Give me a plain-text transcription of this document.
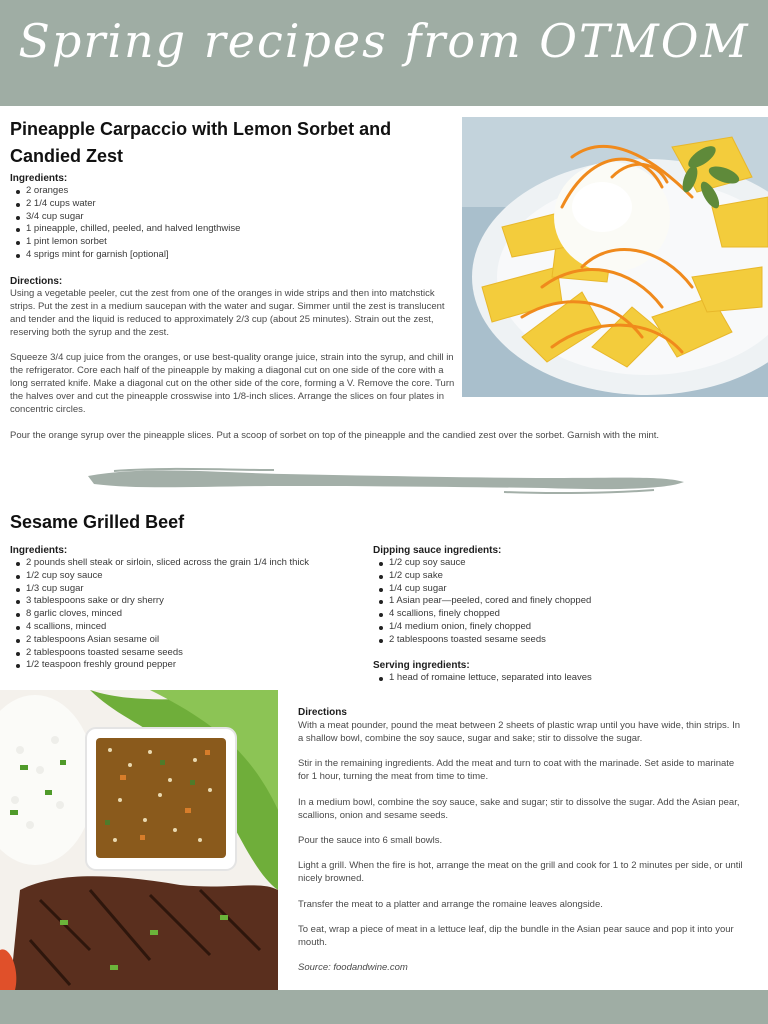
Spring recipes from OTMOM
Pineapple Carpaccio with Lemon Sorbet and Candied Zest
Ingredients:
2 oranges
2 1/4 cups water
3/4 cup sugar
1 pineapple, chilled, peeled, and halved lengthwise
1 pint lemon sorbet
4 sprigs mint for garnish [optional]
Directions:

Using a vegetable peeler, cut the zest from one of the oranges in wide strips and then into matchstick strips. Put the zest in a medium saucepan with the water and sugar. Simmer until the zest is translucent and tender and the liquid is reduced to approximately 2/3 cup (about 25 minutes). Strain out the zest, reserving both the syrup and the zest.

Squeeze 3/4 cup juice from the oranges, or use best-quality orange juice, strain into the syrup, and chill in the refrigerator. Core each half of the pineapple by making a diagonal cut on one side of the core with a long serrated knife. Make a diagonal cut on the other side of the core, forming a V. Remove the core. Turn the halves over and cut the pineapple crosswise into 1/8-inch slices. Arrange the slices on four plates in concentric circles.

Pour the orange syrup over the pineapple slices. Put a scoop of sorbet on top of the pineapple and the candied zest over the sorbet. Garnish with the mint.

Sesame Grilled Beef
Ingredients:
2 pounds shell steak or sirloin, sliced across the grain 1/4 inch thick
1/2 cup soy sauce
1/3 cup sugar
3 tablespoons sake or dry sherry
8 garlic cloves, minced
4 scallions, minced
2 tablespoons Asian sesame oil
2 tablespoons toasted sesame seeds
1/2 teaspoon freshly ground pepper
Dipping sauce ingredients:
1/2 cup soy sauce
1/2 cup sake
1/4 cup sugar
1 Asian pear—peeled, cored and finely chopped
4 scallions, finely chopped
1/4 medium onion, finely chopped
2 tablespoons toasted sesame seeds
Serving ingredients:
1 head of romaine lettuce, separated into leaves
Directions

With a meat pounder, pound the meat between 2 sheets of plastic wrap until you have wide, thin strips. In a shallow bowl, combine the soy sauce, sugar and sake; stir to dissolve the sugar.

Stir in the remaining ingredients. Add the meat and turn to coat with the marinade. Set aside to marinate for 1 hour, turning the meat from time to time.

In a medium bowl, combine the soy sauce, sake and sugar; stir to dissolve the sugar. Add the Asian pear, scallions, onion and sesame seeds.

Pour the sauce into 6 small bowls.

Light a grill. When the fire is hot, arrange the meat on the grill and cook for 1 to 2 minutes per side, or until nicely browned.

Transfer the meat to a platter and arrange the romaine leaves alongside.

To eat, wrap a piece of meat in a lettuce leaf, dip the bundle in the Asian pear sauce and pop it into your mouth.

Source: foodandwine.com
